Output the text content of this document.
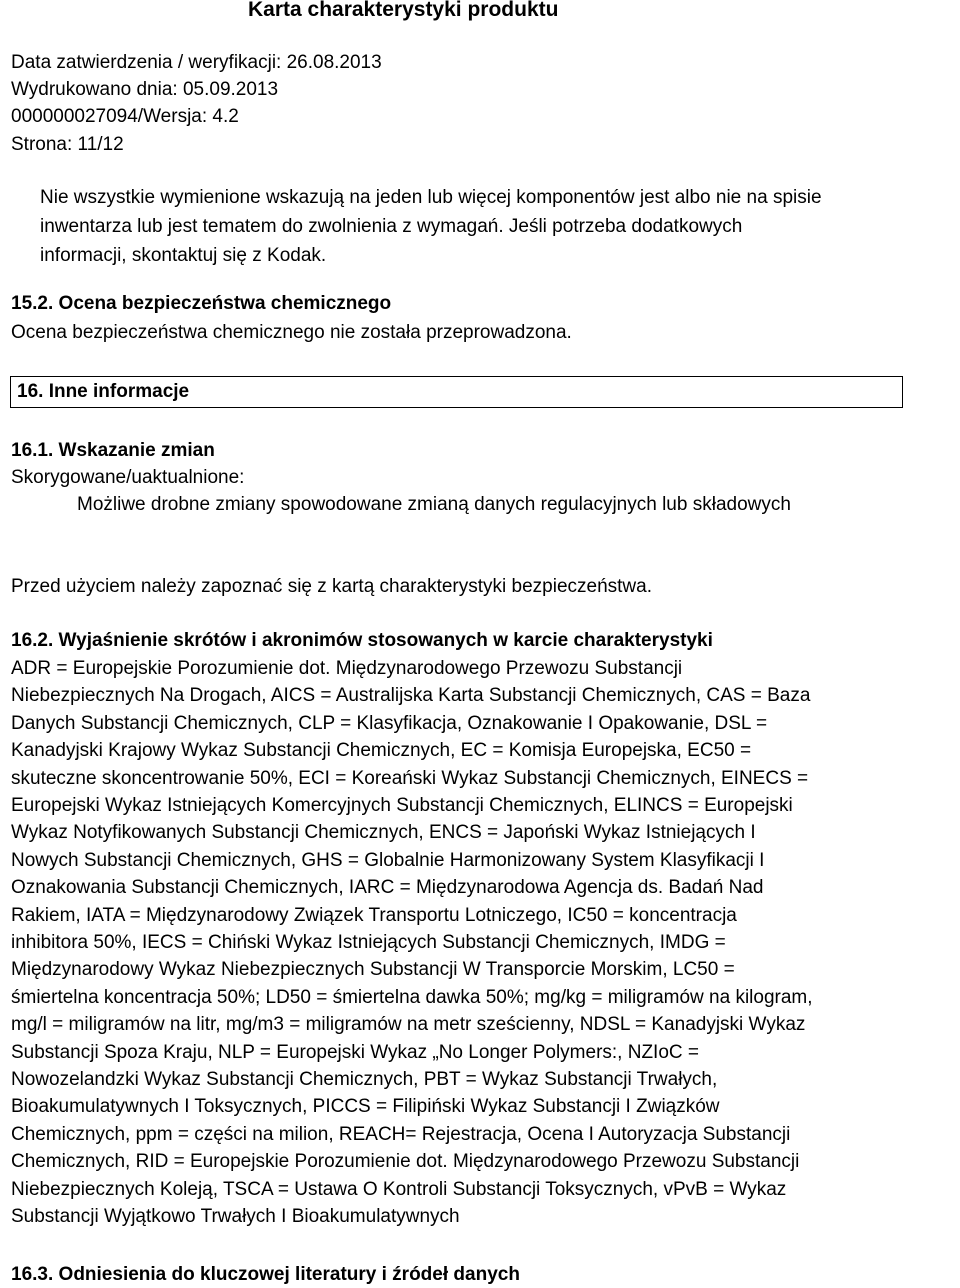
Karta charakterystyki produktu
Data zatwierdzenia / weryfikacji: 26.08.2013
Wydrukowano dnia: 05.09.2013
000000027094/Wersja: 4.2
Strona: 11/12
Nie wszystkie wymienione wskazują na jeden lub więcej komponentów jest albo nie na spisie
inwentarza lub jest tematem do zwolnienia z wymagań. Jeśli potrzeba dodatkowych
informacji, skontaktuj się z Kodak.
15.2. Ocena bezpieczeństwa chemicznego
Ocena bezpieczeństwa chemicznego nie została przeprowadzona.
16. Inne informacje
16.1. Wskazanie zmian
Skorygowane/uaktualnione:
Możliwe drobne zmiany spowodowane zmianą danych regulacyjnych lub składowych
Przed użyciem należy zapoznać się z kartą charakterystyki bezpieczeństwa.
16.2. Wyjaśnienie skrótów i akronimów stosowanych w karcie charakterystyki
ADR = Europejskie Porozumienie dot. Międzynarodowego Przewozu Substancji
Niebezpiecznych Na Drogach, AICS = Australijska Karta Substancji Chemicznych, CAS = Baza
Danych Substancji Chemicznych, CLP = Klasyfikacja, Oznakowanie I Opakowanie, DSL =
Kanadyjski Krajowy Wykaz Substancji Chemicznych, EC = Komisja Europejska, EC50 =
skuteczne skoncentrowanie 50%, ECI = Koreański Wykaz Substancji Chemicznych, EINECS =
Europejski Wykaz Istniejących Komercyjnych Substancji Chemicznych, ELINCS = Europejski
Wykaz Notyfikowanych Substancji Chemicznych, ENCS = Japoński Wykaz Istniejących I
Nowych Substancji Chemicznych, GHS = Globalnie Harmonizowany System Klasyfikacji I
Oznakowania Substancji Chemicznych, IARC = Międzynarodowa Agencja ds. Badań Nad
Rakiem, IATA = Międzynarodowy Związek Transportu Lotniczego, IC50 = koncentracja
inhibitora 50%, IECS = Chiński Wykaz Istniejących Substancji Chemicznych, IMDG =
Międzynarodowy Wykaz Niebezpiecznych Substancji W Transporcie Morskim, LC50 =
śmiertelna koncentracja 50%; LD50 = śmiertelna dawka 50%; mg/kg = miligramów na kilogram,
mg/l = miligramów na litr, mg/m3 = miligramów na metr sześcienny, NDSL = Kanadyjski Wykaz
Substancji Spoza Kraju, NLP = Europejski Wykaz „No Longer Polymers:, NZIoC =
Nowozelandzki Wykaz Substancji Chemicznych, PBT = Wykaz Substancji Trwałych,
Bioakumulatywnych I Toksycznych, PICCS = Filipiński Wykaz Substancji I Związków
Chemicznych, ppm = części na milion, REACH= Rejestracja, Ocena I Autoryzacja Substancji
Chemicznych, RID = Europejskie Porozumienie dot. Międzynarodowego Przewozu Substancji
Niebezpiecznych Koleją, TSCA = Ustawa O Kontroli Substancji Toksycznych, vPvB = Wykaz
Substancji Wyjątkowo Trwałych I Bioakumulatywnych
16.3. Odniesienia do kluczowej literatury i źródeł danych
